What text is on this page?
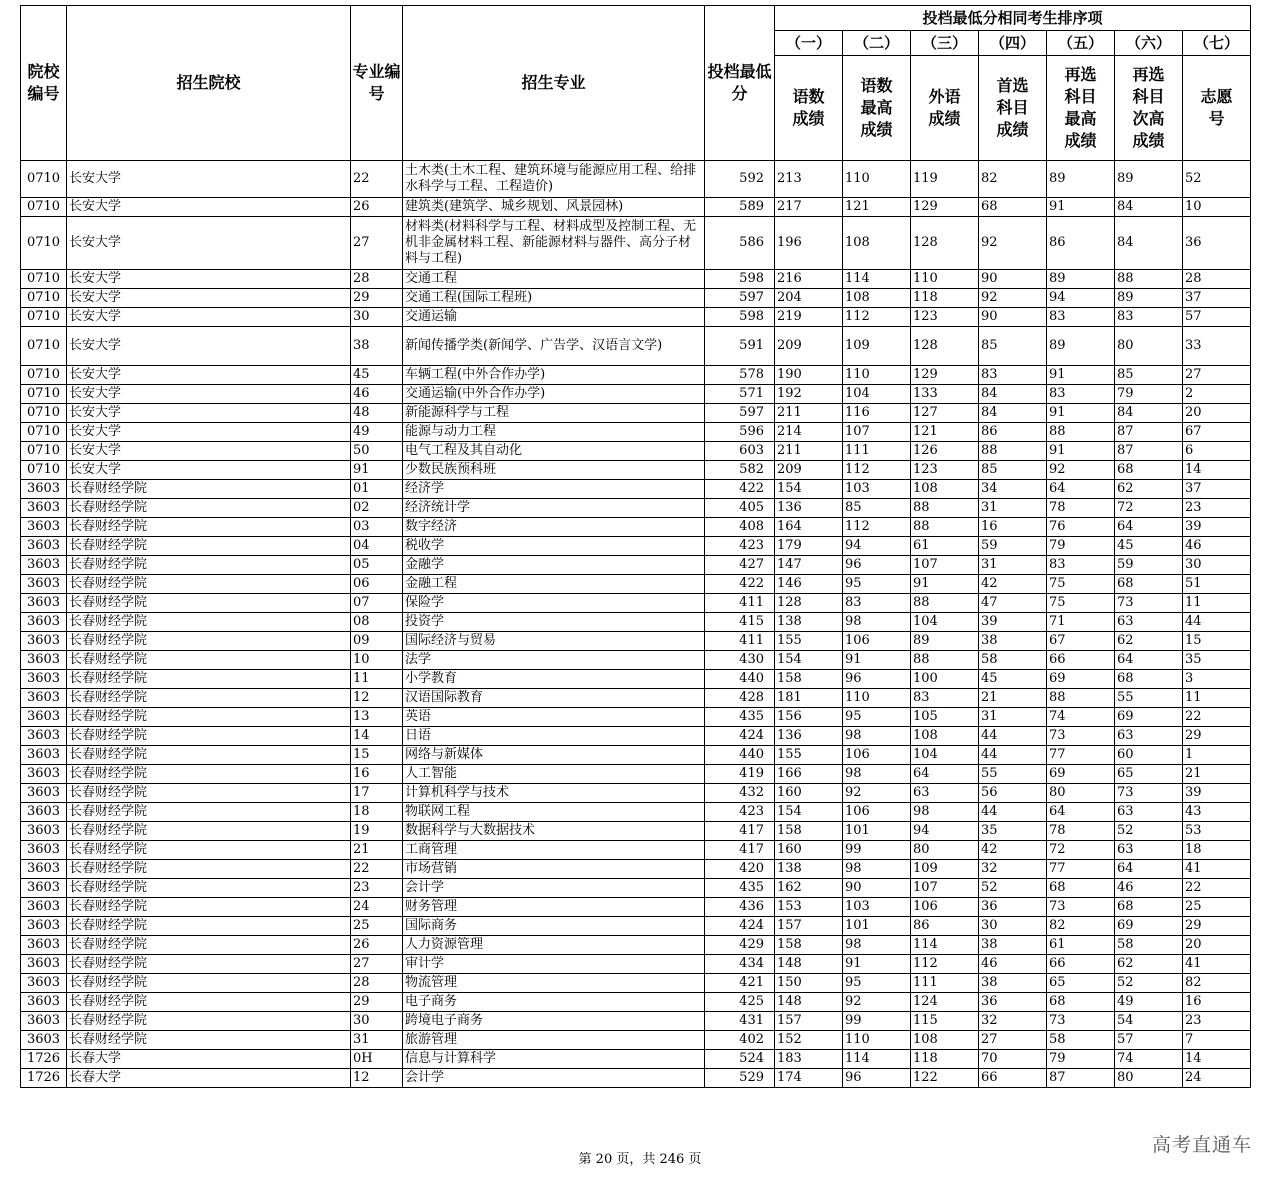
院校编号	招生院校	专业编号	招生专业	投档最低分	投档最低分相同考生排序项						
					（一）	（二）	（三）	（四）	（五）	（六）	（七）
					语数成绩	语数最高成绩	外语成绩	首选科目成绩	再选科目最高成绩	再选科目次高成绩	志愿号
0710	长安大学	22	土木类(土木工程、建筑环境与能源应用工程、给排水科学与工程、工程造价)	592	213	110	119	82	89	89	52
0710	长安大学	26	建筑类(建筑学、城乡规划、风景园林)	589	217	121	129	68	91	84	10
0710	长安大学	27	材料类(材料科学与工程、材料成型及控制工程、无机非金属材料工程、新能源材料与器件、高分子材料与工程)	586	196	108	128	92	86	84	36
0710	长安大学	28	交通工程	598	216	114	110	90	89	88	28
0710	长安大学	29	交通工程(国际工程班)	597	204	108	118	92	94	89	37
0710	长安大学	30	交通运输	598	219	112	123	90	83	83	57
0710	长安大学	38	新闻传播学类(新闻学、广告学、汉语言文学)	591	209	109	128	85	89	80	33
0710	长安大学	45	车辆工程(中外合作办学)	578	190	110	129	83	91	85	27
0710	长安大学	46	交通运输(中外合作办学)	571	192	104	133	84	83	79	2
0710	长安大学	48	新能源科学与工程	597	211	116	127	84	91	84	20
0710	长安大学	49	能源与动力工程	596	214	107	121	86	88	87	67
0710	长安大学	50	电气工程及其自动化	603	211	111	126	88	91	87	6
0710	长安大学	91	少数民族预科班	582	209	112	123	85	92	68	14
3603	长春财经学院	01	经济学	422	154	103	108	34	64	62	37
3603	长春财经学院	02	经济统计学	405	136	85	88	31	78	72	23
3603	长春财经学院	03	数字经济	408	164	112	88	16	76	64	39
3603	长春财经学院	04	税收学	423	179	94	61	59	79	45	46
3603	长春财经学院	05	金融学	427	147	96	107	31	83	59	30
3603	长春财经学院	06	金融工程	422	146	95	91	42	75	68	51
3603	长春财经学院	07	保险学	411	128	83	88	47	75	73	11
3603	长春财经学院	08	投资学	415	138	98	104	39	71	63	44
3603	长春财经学院	09	国际经济与贸易	411	155	106	89	38	67	62	15
3603	长春财经学院	10	法学	430	154	91	88	58	66	64	35
3603	长春财经学院	11	小学教育	440	158	96	100	45	69	68	3
3603	长春财经学院	12	汉语国际教育	428	181	110	83	21	88	55	11
3603	长春财经学院	13	英语	435	156	95	105	31	74	69	22
3603	长春财经学院	14	日语	424	136	98	108	44	73	63	29
3603	长春财经学院	15	网络与新媒体	440	155	106	104	44	77	60	1
3603	长春财经学院	16	人工智能	419	166	98	64	55	69	65	21
3603	长春财经学院	17	计算机科学与技术	432	160	92	63	56	80	73	39
3603	长春财经学院	18	物联网工程	423	154	106	98	44	64	63	43
3603	长春财经学院	19	数据科学与大数据技术	417	158	101	94	35	78	52	53
3603	长春财经学院	21	工商管理	417	160	99	80	42	72	63	18
3603	长春财经学院	22	市场营销	420	138	98	109	32	77	64	41
3603	长春财经学院	23	会计学	435	162	90	107	52	68	46	22
3603	长春财经学院	24	财务管理	436	153	103	106	36	73	68	25
3603	长春财经学院	25	国际商务	424	157	101	86	30	82	69	29
3603	长春财经学院	26	人力资源管理	429	158	98	114	38	61	58	20
3603	长春财经学院	27	审计学	434	148	91	112	46	66	62	41
3603	长春财经学院	28	物流管理	421	150	95	111	38	65	52	82
3603	长春财经学院	29	电子商务	425	148	92	124	36	68	49	16
3603	长春财经学院	30	跨境电子商务	431	157	99	115	32	73	54	23
3603	长春财经学院	31	旅游管理	402	152	110	108	27	58	57	7
1726	长春大学	0H	信息与计算科学	524	183	114	118	70	79	74	14
1726	长春大学	12	会计学	529	174	96	122	66	87	80	24
第 20 页，共 246 页
高考直通车
